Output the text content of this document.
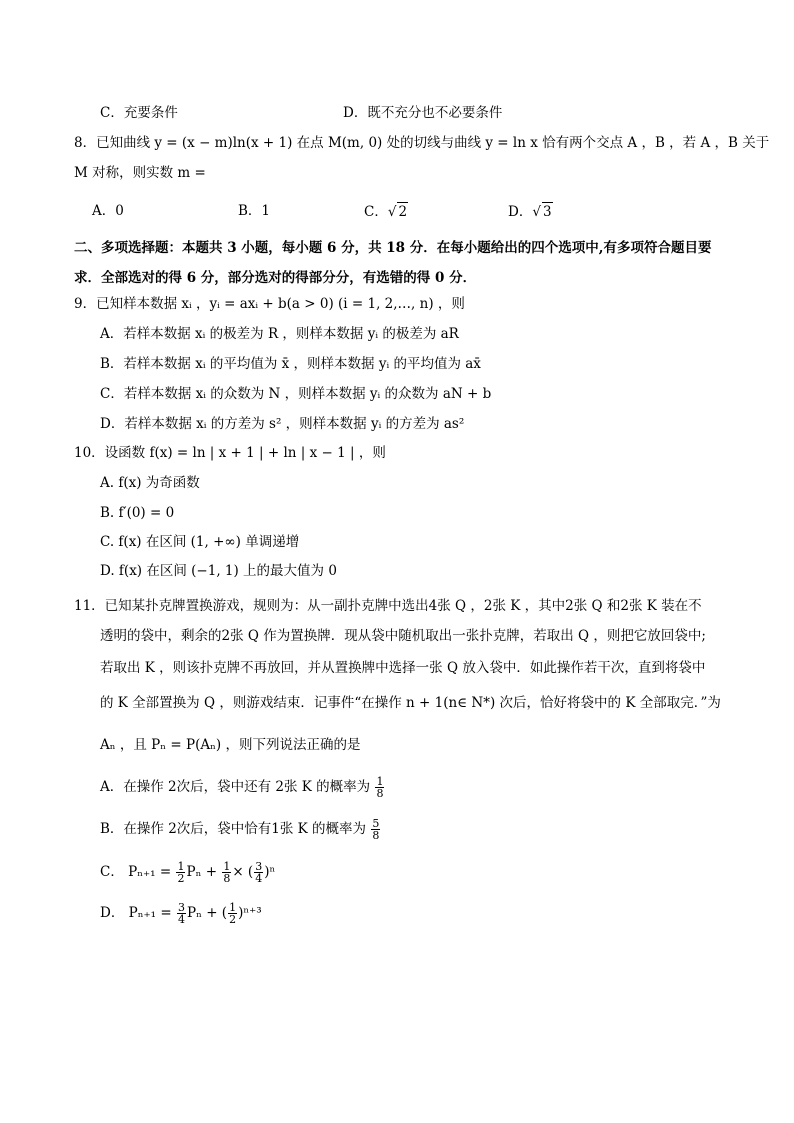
C．充要条件	D．既不充分也不必要条件
8．已知曲线 y = (x − m)ln(x + 1) 在点 M(m, 0) 处的切线与曲线 y = ln x 恰有两个交点 A ，B ，若 A ，B 关于
M 对称，则实数 m =
A．0	B．1	C．√ 2	D．√ 3
二、多项选择题：本题共 3 小题，每小题 6 分，共 18 分．在每小题给出的四个选项中,有多项符合题目要
求．全部选对的得 6 分，部分选对的得部分分，有选错的得 0 分．
9．已知样本数据 xᵢ ，yᵢ = axᵢ + b(a > 0) (i = 1, 2,…, n) ，则
A．若样本数据 xᵢ 的极差为 R ，则样本数据 yᵢ 的极差为 aR
B．若样本数据 xᵢ 的平均值为 x̄ ，则样本数据 yᵢ 的平均值为 ax̄
C．若样本数据 xᵢ 的众数为 N ，则样本数据 yᵢ 的众数为 aN + b
D．若样本数据 xᵢ 的方差为 s² ，则样本数据 yᵢ 的方差为 as²
10．设函数 f(x) = ln | x + 1 | + ln | x − 1 | ，则
A. f(x) 为奇函数
B. f′(0) = 0
C. f(x) 在区间 (1, +∞) 单调递增
D. f(x) 在区间 (−1, 1) 上的最大值为 0
11．已知某扑克牌置换游戏，规则为：从一副扑克牌中选出4张 Q ，2张 K ，其中2张 Q 和2张 K 装在不
透明的袋中，剩余的2张 Q 作为置换牌．现从袋中随机取出一张扑克牌，若取出 Q ，则把它放回袋中;
若取出 K ，则该扑克牌不再放回，并从置换牌中选择一张 Q 放入袋中．如此操作若干次，直到将袋中
的 K 全部置换为 Q ，则游戏结束．记事件“在操作 n + 1(n∈ N*) 次后，恰好将袋中的 K 全部取完．”为
Aₙ ，且 Pₙ = P(Aₙ) ，则下列说法正确的是
A．在操作 2次后，袋中还有 2张 K 的概率为 $\frac{1}{8}$
B．在操作 2次后，袋中恰有1张 K 的概率为 $\frac{5}{8}$
C． $P_{n+1} = \frac{1}{2}$ $P_n + \frac{1}{8}$ × ( $\frac{3}{4} )^n$
D． $P_{n+1} = \frac{3}{4}$ Pₙ + ( $\frac{1}{2} )^{n+3}$
